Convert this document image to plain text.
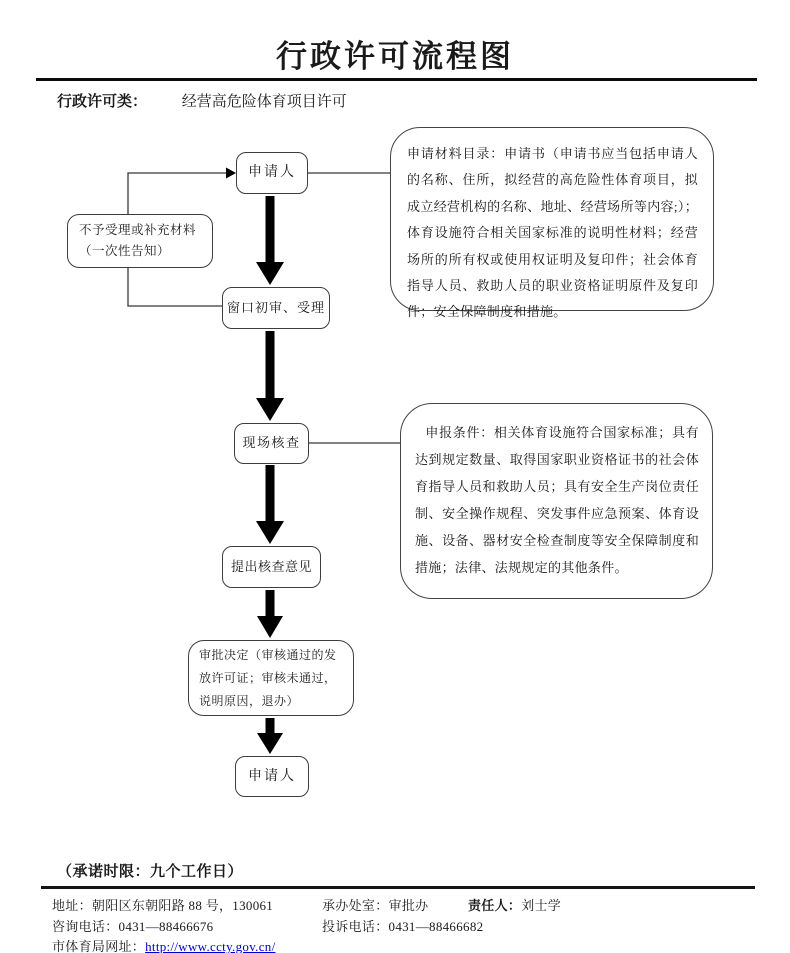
行政许可流程图
行政许可类： 经营高危险体育项目许可
申请人
不予受理或补充材料
（一次性告知）
窗口初审、受理
现场核查
提出核查意见
审批决定（审核通过的发放许可证；审核未通过，说明原因，退办）
申请人
申请材料目录：申请书（申请书应当包括申请人的名称、住所，拟经营的高危险性体育项目，拟成立经营机构的名称、地址、经营场所等内容;）；体育设施符合相关国家标准的说明性材料；经营场所的所有权或使用权证明及复印件；社会体育指导人员、救助人员的职业资格证明原件及复印件；安全保障制度和措施。
申报条件：相关体育设施符合国家标准；具有达到规定数量、取得国家职业资格证书的社会体育指导人员和救助人员；具有安全生产岗位责任制、安全操作规程、突发事件应急预案、体育设施、设备、器材安全检查制度等安全保障制度和措施；法律、法规规定的其他条件。
（承诺时限：九个工作日）
地址：朝阳区东朝阳路 88 号，130061	承办处室：审批办	责任人：刘士学
咨询电话：0431—88466676	投诉电话：0431—88466682
市体育局网址：http://www.ccty.gov.cn/
